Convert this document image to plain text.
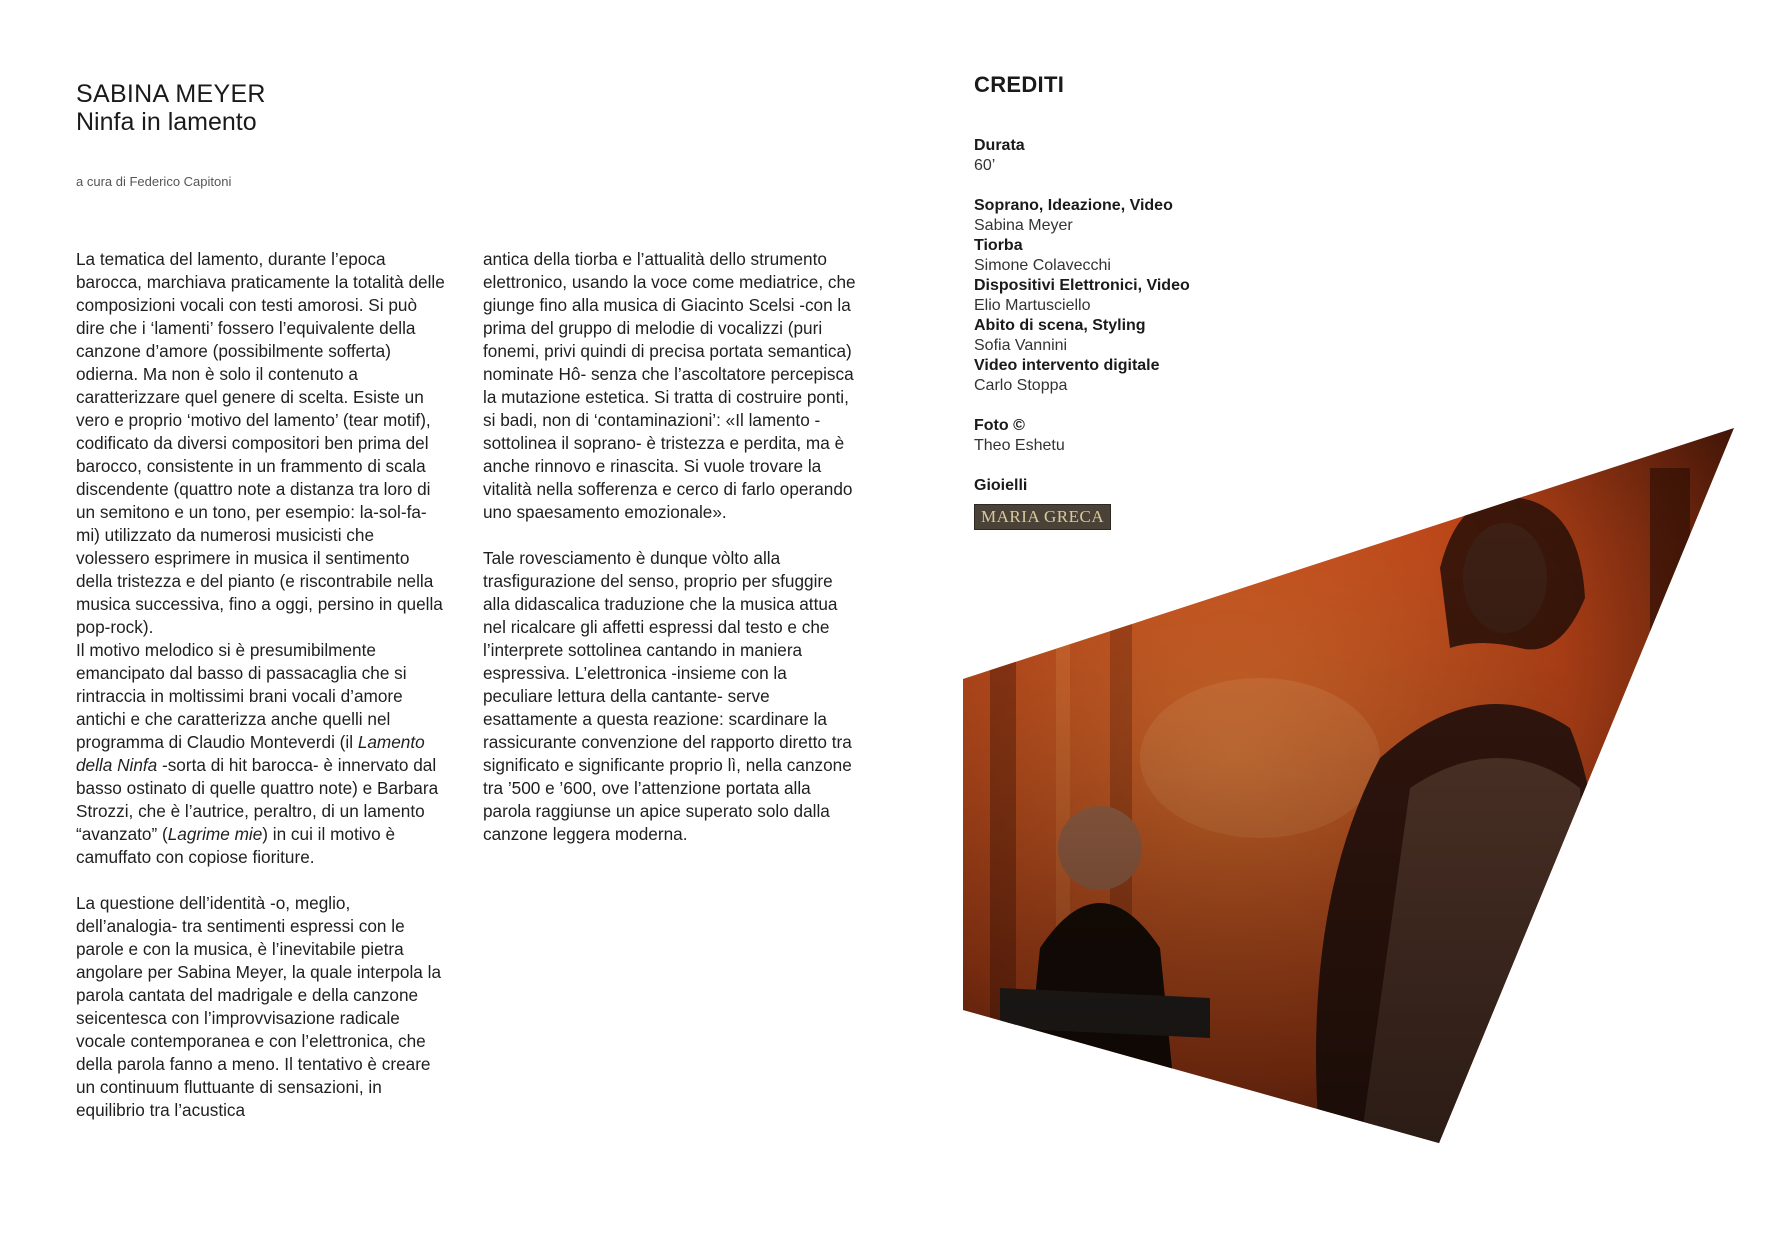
SABINA MEYER
Ninfa in lamento
a cura di Federico Capitoni

La tematica del lamento, durante l’epoca barocca, marchiava praticamente la totalità delle composizioni vocali con testi amorosi. Si può dire che i ‘lamenti’ fossero l’equivalente della canzone d’amore (possibilmente sofferta) odierna. Ma non è solo il contenuto a caratterizzare quel genere di scelta. Esiste un vero e proprio ‘motivo del lamento’ (tear motif), codificato da diversi compositori ben prima del barocco, consistente in un frammento di scala discendente (quattro note a distanza tra loro di un semitono e un tono, per esempio: la-sol-fa-mi) utilizzato da numerosi musicisti che volessero esprimere in musica il sentimento della tristezza e del pianto (e riscontrabile nella musica successiva, fino a oggi, persino in quella pop-rock).
Il motivo melodico si è presumibilmente emancipato dal basso di passacaglia che si rintraccia in moltissimi brani vocali d’amore antichi e che caratterizza anche quelli nel programma di Claudio Monteverdi (il Lamento della Ninfa -sorta di hit barocca- è innervato dal basso ostinato di quelle quattro note) e Barbara Strozzi, che è l’autrice, peraltro, di un lamento “avanzato” (Lagrime mie) in cui il motivo è camuffato con copiose fioriture.

La questione dell’identità -o, meglio, dell’analogia- tra sentimenti espressi con le parole e con la musica, è l’inevitabile pietra angolare per Sabina Meyer, la quale interpola la parola cantata del madrigale e della canzone seicentesca con l’improvvisazione radicale vocale contemporanea e con l’elettronica, che della parola fanno a meno. Il tentativo è creare un continuum fluttuante di sensazioni, in equilibrio tra l’acustica

antica della tiorba e l’attualità dello strumento elettronico, usando la voce come mediatrice, che giunge fino alla musica di Giacinto Scelsi -con la prima del gruppo di melodie di vocalizzi (puri fonemi, privi quindi di precisa portata semantica) nominate Hô- senza che l’ascoltatore percepisca la mutazione estetica. Si tratta di costruire ponti, si badi, non di ‘contaminazioni’: «Il lamento -sottolinea il soprano- è tristezza e perdita, ma è anche rinnovo e rinascita. Si vuole trovare la vitalità nella sofferenza e cerco di farlo operando uno spaesamento emozionale».

Tale rovesciamento è dunque vòlto alla trasfigurazione del senso, proprio per sfuggire alla didascalica traduzione che la musica attua nel ricalcare gli affetti espressi dal testo e che l’interprete sottolinea cantando in maniera espressiva. L’elettronica -insieme con la peculiare lettura della cantante- serve esattamente a questa reazione: scardinare la rassicurante convenzione del rapporto diretto tra significato e significante proprio lì, nella canzone tra ’500 e ’600, ove l’attenzione portata alla parola raggiunse un apice superato solo dalla canzone leggera moderna.

CREDITI
Durata
60’
Soprano, Ideazione, Video
Sabina Meyer
Tiorba
Simone Colavecchi
Dispositivi Elettronici, Video
Elio Martusciello
Abito di scena, Styling
Sofia Vannini
Video intervento digitale
Carlo Stoppa
Foto ©
Theo Eshetu
Gioielli
MARIA GRECA
